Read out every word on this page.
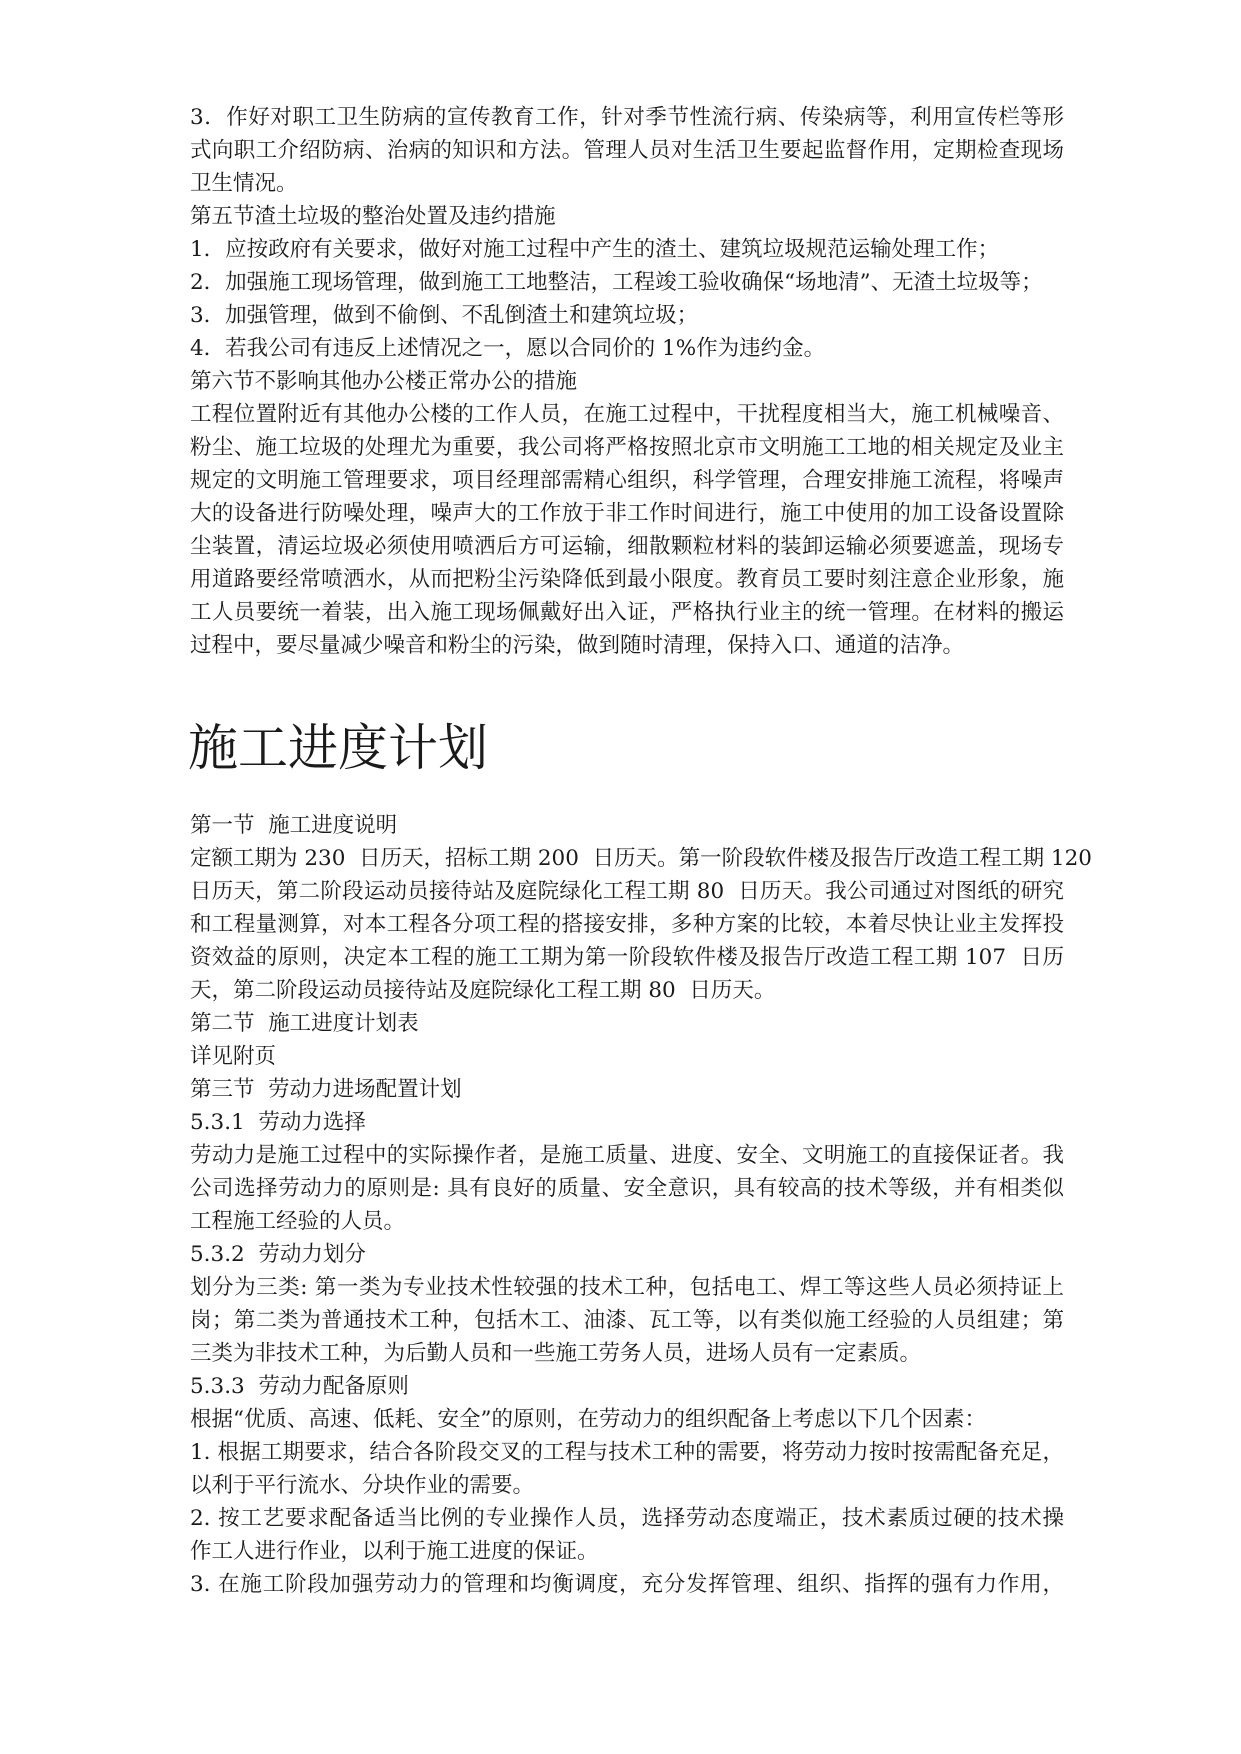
3．作好对职工卫生防病的宣传教育工作，针对季节性流行病、传染病等，利用宣传栏等形
式向职工介绍防病、治病的知识和方法。管理人员对生活卫生要起监督作用，定期检查现场
卫生情况。
第五节渣土垃圾的整治处置及违约措施
1．应按政府有关要求，做好对施工过程中产生的渣土、建筑垃圾规范运输处理工作；
2．加强施工现场管理，做到施工工地整洁，工程竣工验收确保“场地清”、无渣土垃圾等；
3．加强管理，做到不偷倒、不乱倒渣土和建筑垃圾；
4．若我公司有违反上述情况之一，愿以合同价的 1%作为违约金。
第六节不影响其他办公楼正常办公的措施
工程位置附近有其他办公楼的工作人员，在施工过程中，干扰程度相当大，施工机械噪音、
粉尘、施工垃圾的处理尤为重要，我公司将严格按照北京市文明施工工地的相关规定及业主
规定的文明施工管理要求，项目经理部需精心组织，科学管理，合理安排施工流程，将噪声
大的设备进行防噪处理，噪声大的工作放于非工作时间进行，施工中使用的加工设备设置除
尘装置，清运垃圾必须使用喷洒后方可运输，细散颗粒材料的装卸运输必须要遮盖，现场专
用道路要经常喷洒水，从而把粉尘污染降低到最小限度。教育员工要时刻注意企业形象，施
工人员要统一着装，出入施工现场佩戴好出入证，严格执行业主的统一管理。在材料的搬运
过程中，要尽量减少噪音和粉尘的污染，做到随时清理，保持入口、通道的洁净。
施工进度计划
第一节  施工进度说明
定额工期为 230  日历天，招标工期 200  日历天。第一阶段软件楼及报告厅改造工程工期 120
日历天，第二阶段运动员接待站及庭院绿化工程工期 80  日历天。我公司通过对图纸的研究
和工程量测算，对本工程各分项工程的搭接安排，多种方案的比较，本着尽快让业主发挥投
资效益的原则，决定本工程的施工工期为第一阶段软件楼及报告厅改造工程工期 107  日历
天，第二阶段运动员接待站及庭院绿化工程工期 80  日历天。
第二节  施工进度计划表
详见附页
第三节  劳动力进场配置计划
5.3.1  劳动力选择
劳动力是施工过程中的实际操作者，是施工质量、进度、安全、文明施工的直接保证者。我
公司选择劳动力的原则是: 具有良好的质量、安全意识，具有较高的技术等级，并有相类似
工程施工经验的人员。
5.3.2  劳动力划分
划分为三类: 第一类为专业技术性较强的技术工种，包括电工、焊工等这些人员必须持证上
岗；第二类为普通技术工种，包括木工、油漆、瓦工等，以有类似施工经验的人员组建；第
三类为非技术工种，为后勤人员和一些施工劳务人员，进场人员有一定素质。
5.3.3  劳动力配备原则
根据“优质、高速、低耗、安全”的原则，在劳动力的组织配备上考虑以下几个因素：
1. 根据工期要求，结合各阶段交叉的工程与技术工种的需要，将劳动力按时按需配备充足，
以利于平行流水、分块作业的需要。
2. 按工艺要求配备适当比例的专业操作人员，选择劳动态度端正，技术素质过硬的技术操
作工人进行作业，以利于施工进度的保证。
3. 在施工阶段加强劳动力的管理和均衡调度，充分发挥管理、组织、指挥的强有力作用，
